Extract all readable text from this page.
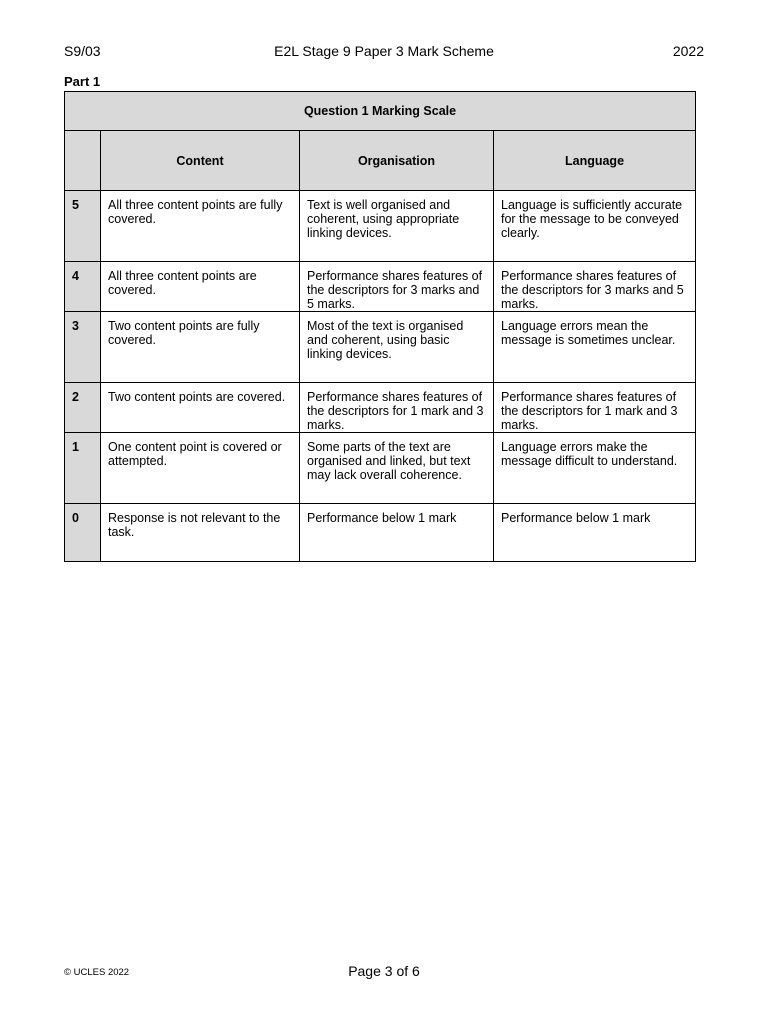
S9/03	E2L Stage 9 Paper 3 Mark Scheme	2022
Part 1
Question 1 Marking Scale			
	Content	Organisation	Language
5	All three content points are fully covered.	Text is well organised and coherent, using appropriate linking devices.	Language is sufficiently accurate for the message to be conveyed clearly.
4	All three content points are covered.	Performance shares features of the descriptors for 3 marks and 5 marks.	Performance shares features of the descriptors for 3 marks and 5 marks.
3	Two content points are fully covered.	Most of the text is organised and coherent, using basic linking devices.	Language errors mean the message is sometimes unclear.
2	Two content points are covered.	Performance shares features of the descriptors for 1 mark and 3 marks.	Performance shares features of the descriptors for 1 mark and 3 marks.
1	One content point is covered or attempted.	Some parts of the text are organised and linked, but text may lack overall coherence.	Language errors make the message difficult to understand.
0	Response is not relevant to the task.	Performance below 1 mark	Performance below 1 mark
© UCLES 2022	Page 3 of 6
